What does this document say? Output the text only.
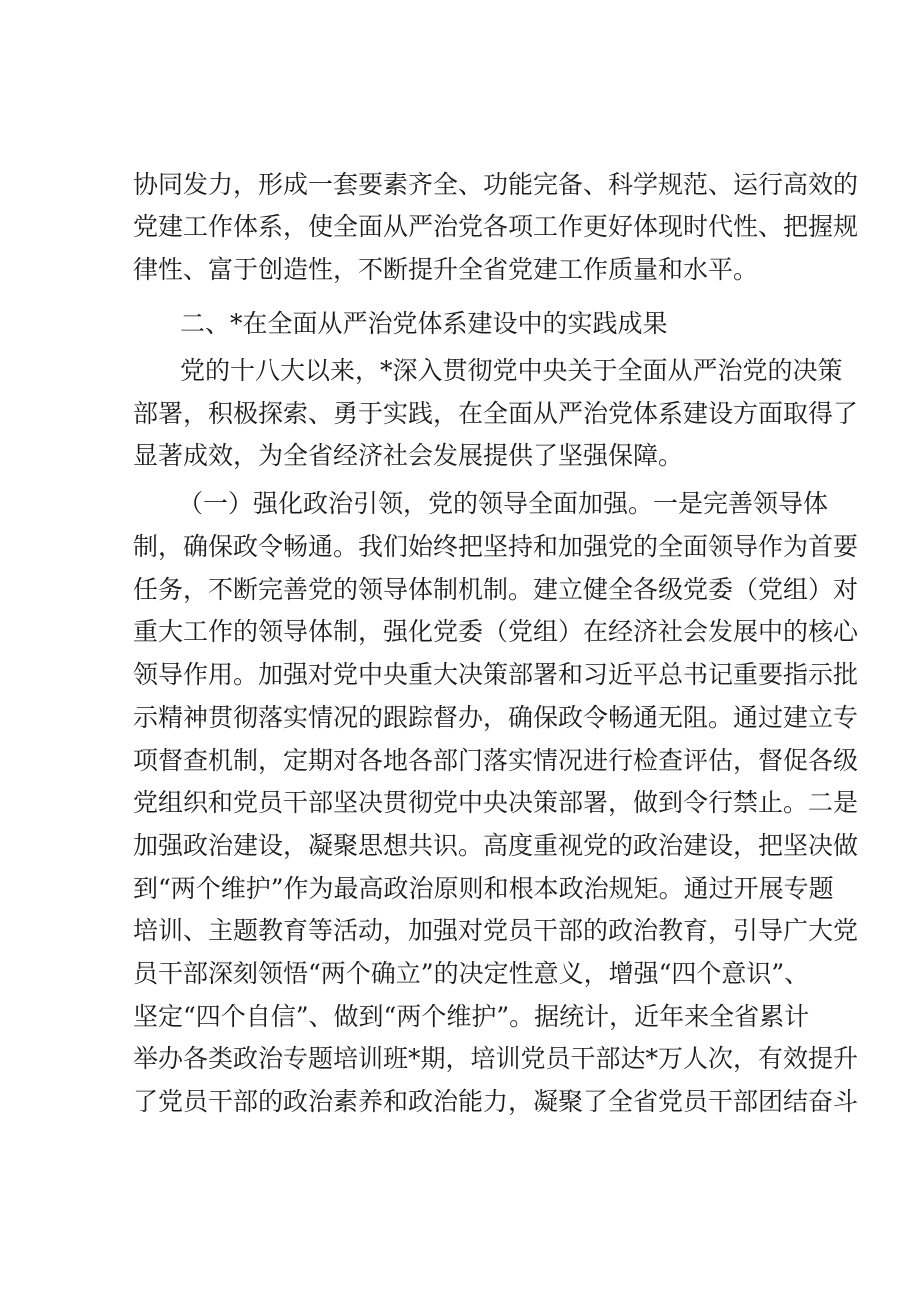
协同发力，形成一套要素齐全、功能完备、科学规范、运行高效的
党建工作体系，使全面从严治党各项工作更好体现时代性、把握规
律性、富于创造性，不断提升全省党建工作质量和水平。
二、*在全面从严治党体系建设中的实践成果
党的十八大以来，*深入贯彻党中央关于全面从严治党的决策
部署，积极探索、勇于实践，在全面从严治党体系建设方面取得了
显著成效，为全省经济社会发展提供了坚强保障。
（一）强化政治引领，党的领导全面加强。一是完善领导体
制，确保政令畅通。我们始终把坚持和加强党的全面领导作为首要
任务，不断完善党的领导体制机制。建立健全各级党委（党组）对
重大工作的领导体制，强化党委（党组）在经济社会发展中的核心
领导作用。加强对党中央重大决策部署和习近平总书记重要指示批
示精神贯彻落实情况的跟踪督办，确保政令畅通无阻。通过建立专
项督查机制，定期对各地各部门落实情况进行检查评估，督促各级
党组织和党员干部坚决贯彻党中央决策部署，做到令行禁止。二是
加强政治建设，凝聚思想共识。高度重视党的政治建设，把坚决做
到“两个维护”作为最高政治原则和根本政治规矩。通过开展专题
培训、主题教育等活动，加强对党员干部的政治教育，引导广大党
员干部深刻领悟“两个确立”的决定性意义，增强“四个意识”、
坚定“四个自信”、做到“两个维护”。据统计，近年来全省累计
举办各类政治专题培训班*期，培训党员干部达*万人次，有效提升
了党员干部的政治素养和政治能力，凝聚了全省党员干部团结奋斗
